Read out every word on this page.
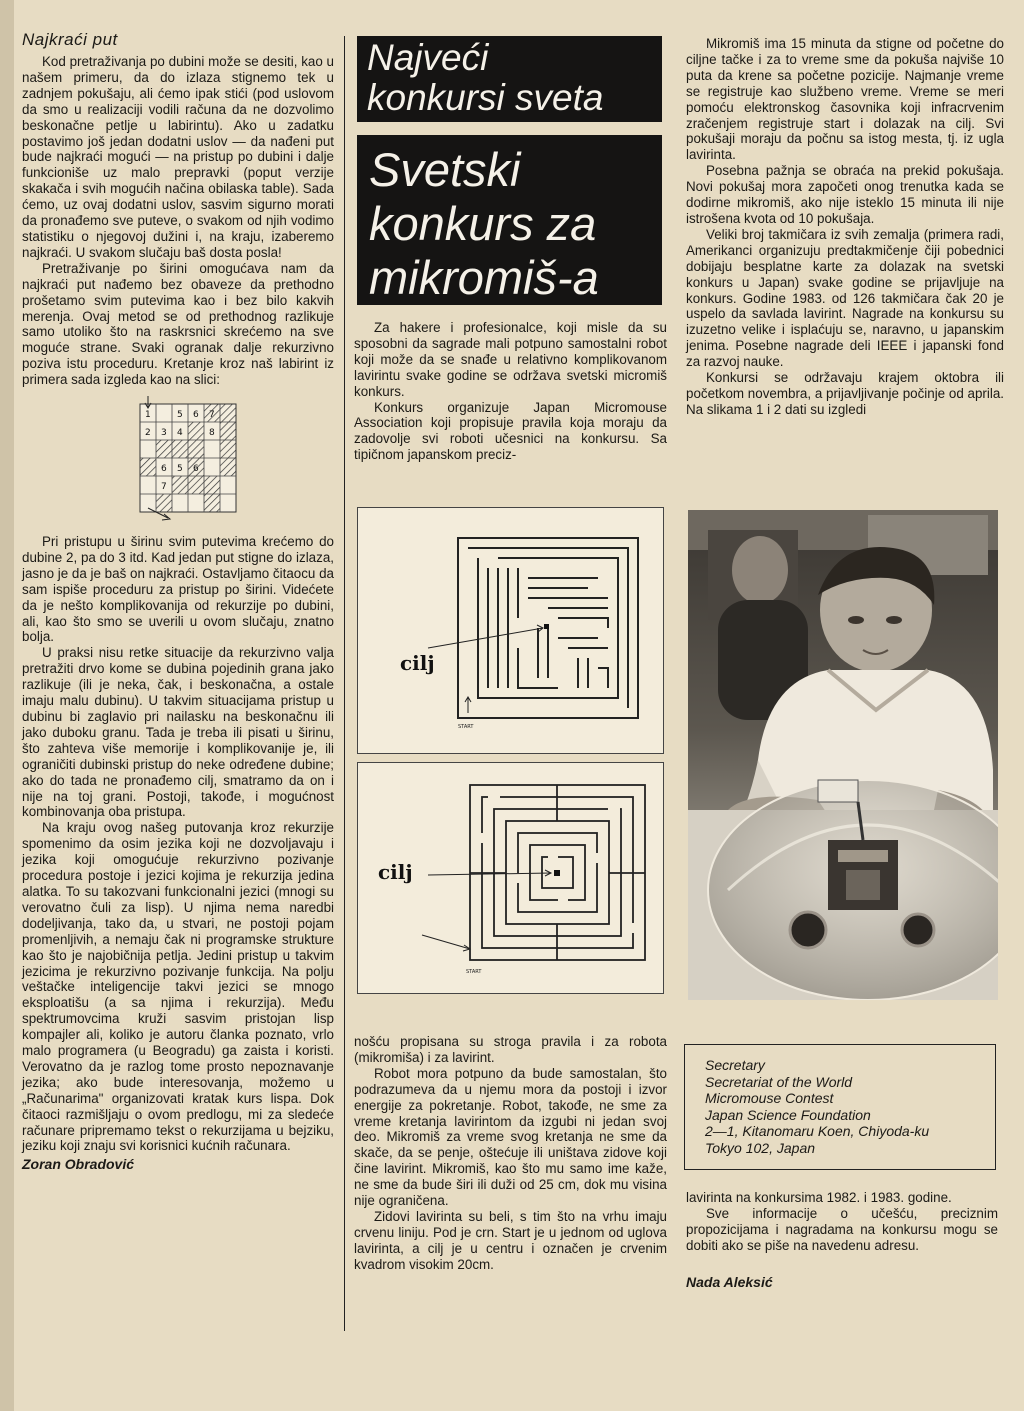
Najkraći put

Kod pretraživanja po dubini može se desiti, kao u našem primeru, da do izlaza stignemo tek u zadnjem pokušaju, ali ćemo ipak stići (pod uslovom da smo u realizaciji vodili računa da ne dozvolimo beskonačne petlje u labirintu). Ako u zadatku postavimo još jedan dodatni uslov — da nađeni put bude najkraći mogući — na pristup po dubini i dalje funkcioniše uz malo prepravki (poput verzije skakača i svih mogućih načina obilaska table). Sada ćemo, uz ovaj dodatni uslov, sasvim sigurno morati da pronađemo sve puteve, o svakom od njih vodimo statistiku o njegovoj dužini i, na kraju, izaberemo najkraći. U svakom slučaju baš dosta posla!

Pretraživanje po širini omogućava nam da najkraći put nađemo bez obaveze da prethodno prošetamo svim putevima kao i bez bilo kakvih merenja. Ovaj metod se od prethodnog razlikuje samo utoliko što na raskrsnici skrećemo na sve moguće strane. Svaki ogranak dalje rekurzivno poziva istu proceduru. Kretanje kroz naš labirint iz primera sada izgleda kao na slici:

1	5 6 7
2 3 4	8
6 5 6
7

Pri pristupu u širinu svim putevima krećemo do dubine 2, pa do 3 itd. Kad jedan put stigne do izlaza, jasno je da je baš on najkraći. Ostavljamo čitaocu da sam ispiše proceduru za pristup po širini. Videćete da je nešto komplikovanija od rekurzije po dubini, ali, kao što smo se uverili u ovom slučaju, znatno bolja.

U praksi nisu retke situacije da rekurzivno valja pretražiti drvo kome se dubina pojedinih grana jako razlikuje (ili je neka, čak, i beskonačna, a ostale imaju malu dubinu). U takvim situacijama pristup u dubinu bi zaglavio pri nailasku na beskonačnu ili jako duboku granu. Tada je treba ili pisati u širinu, što zahteva više memorije i komplikovanije je, ili ograničiti dubinski pristup do neke određene dubine; ako do tada ne pronađemo cilj, smatramo da on i nije na toj grani. Postoji, takođe, i mogućnost kombinovanja oba pristupa.

Na kraju ovog našeg putovanja kroz rekurzije spomenimo da osim jezika koji ne dozvoljavaju i jezika koji omogućuje rekurzivno pozivanje procedura postoje i jezici kojima je rekurzija jedina alatka. To su takozvani funkcionalni jezici (mnogi su verovatno čuli za lisp). U njima nema naredbi dodeljivanja, tako da, u stvari, ne postoji pojam promenljivih, a nemaju čak ni programske strukture kao što je najobičnija petlja. Jedini pristup u takvim jezicima je rekurzivno pozivanje funkcija. Na polju veštačke inteligencije takvi jezici se mnogo eksploatišu (a sa njima i rekurzija). Među spektrumovcima kruži sasvim pristojan lisp kompajler ali, koliko je autoru članka poznato, vrlo malo programera (u Beogradu) ga zaista i koristi. Verovatno da je razlog tome prosto nepoznavanje jezika; ako bude interesovanja, možemo u „Računarima" organizovati kratak kurs lispa. Dok čitaoci razmišljaju o ovom predlogu, mi za sledeće računare pripremamo tekst o rekurzijama u bejziku, jeziku koji znaju svi korisnici kućnih računara.

Zoran Obradović
Najveći
konkursi sveta
Svetski
konkurs za
mikromiš-a

Za hakere i profesionalce, koji misle da su sposobni da sagrade mali potpuno samostalni robot koji može da se snađe u relativno komplikovanom lavirintu svake godine se održava svetski micromiš konkurs.

Konkurs organizuje Japan Micromouse Association koji propisuje pravila koja moraju da zadovolje svi roboti učesnici na konkursu. Sa tipičnom japanskom preciz-

cilj
START
cilj
START

nošću propisana su stroga pravila i za robota (mikromiša) i za lavirint.

Robot mora potpuno da bude samostalan, što podrazumeva da u njemu mora da postoji i izvor energije za pokretanje. Robot, takođe, ne sme za vreme kretanja lavirintom da izgubi ni jedan svoj deo. Mikromiš za vreme svog kretanja ne sme da skače, da se penje, oštećuje ili uništava zidove koji čine lavirint. Mikromiš, kao što mu samo ime kaže, ne sme da bude širi ili duži od 25 cm, dok mu visina nije ograničena.

Zidovi lavirinta su beli, s tim što na vrhu imaju crvenu liniju. Pod je crn. Start je u jednom od uglova lavirinta, a cilj je u centru i označen je crvenim kvadrom visokim 20cm.

Mikromiš ima 15 minuta da stigne od početne do ciljne tačke i za to vreme sme da pokuša najviše 10 puta da krene sa početne pozicije. Najmanje vreme se registruje kao službeno vreme. Vreme se meri pomoću elektronskog časovnika koji infracrvenim zračenjem registruje start i dolazak na cilj. Svi pokušaji moraju da počnu sa istog mesta, tj. iz ugla lavirinta.

Posebna pažnja se obraća na prekid pokušaja. Novi pokušaj mora započeti onog trenutka kada se dodirne mikromiš, ako nije isteklo 15 minuta ili nije istrošena kvota od 10 pokušaja.

Veliki broj takmičara iz svih zemalja (primera radi, Amerikanci organizuju predtakmičenje čiji pobednici dobijaju besplatne karte za dolazak na svetski konkurs u Japan) svake godine se prijavljuje na konkurs. Godine 1983. od 126 takmičara čak 20 je uspelo da savlada lavirint. Nagrade na konkursu su izuzetno velike i isplaćuju se, naravno, u japanskim jenima. Posebne nagrade deli IEEE i japanski fond za razvoj nauke.

Konkursi se održavaju krajem oktobra ili početkom novembra, a prijavljivanje počinje od aprila. Na slikama 1 i 2 dati su izgledi

Secretary
Secretariat of the World
Micromouse Contest
Japan Science Foundation
2—1, Kitanomaru Koen, Chiyoda-ku
Tokyo 102, Japan

lavirinta na konkursima 1982. i 1983. godine.

Sve informacije o učešću, preciznim propozicijama i nagradama na konkursu mogu se dobiti ako se piše na navedenu adresu.

Nada Aleksić
